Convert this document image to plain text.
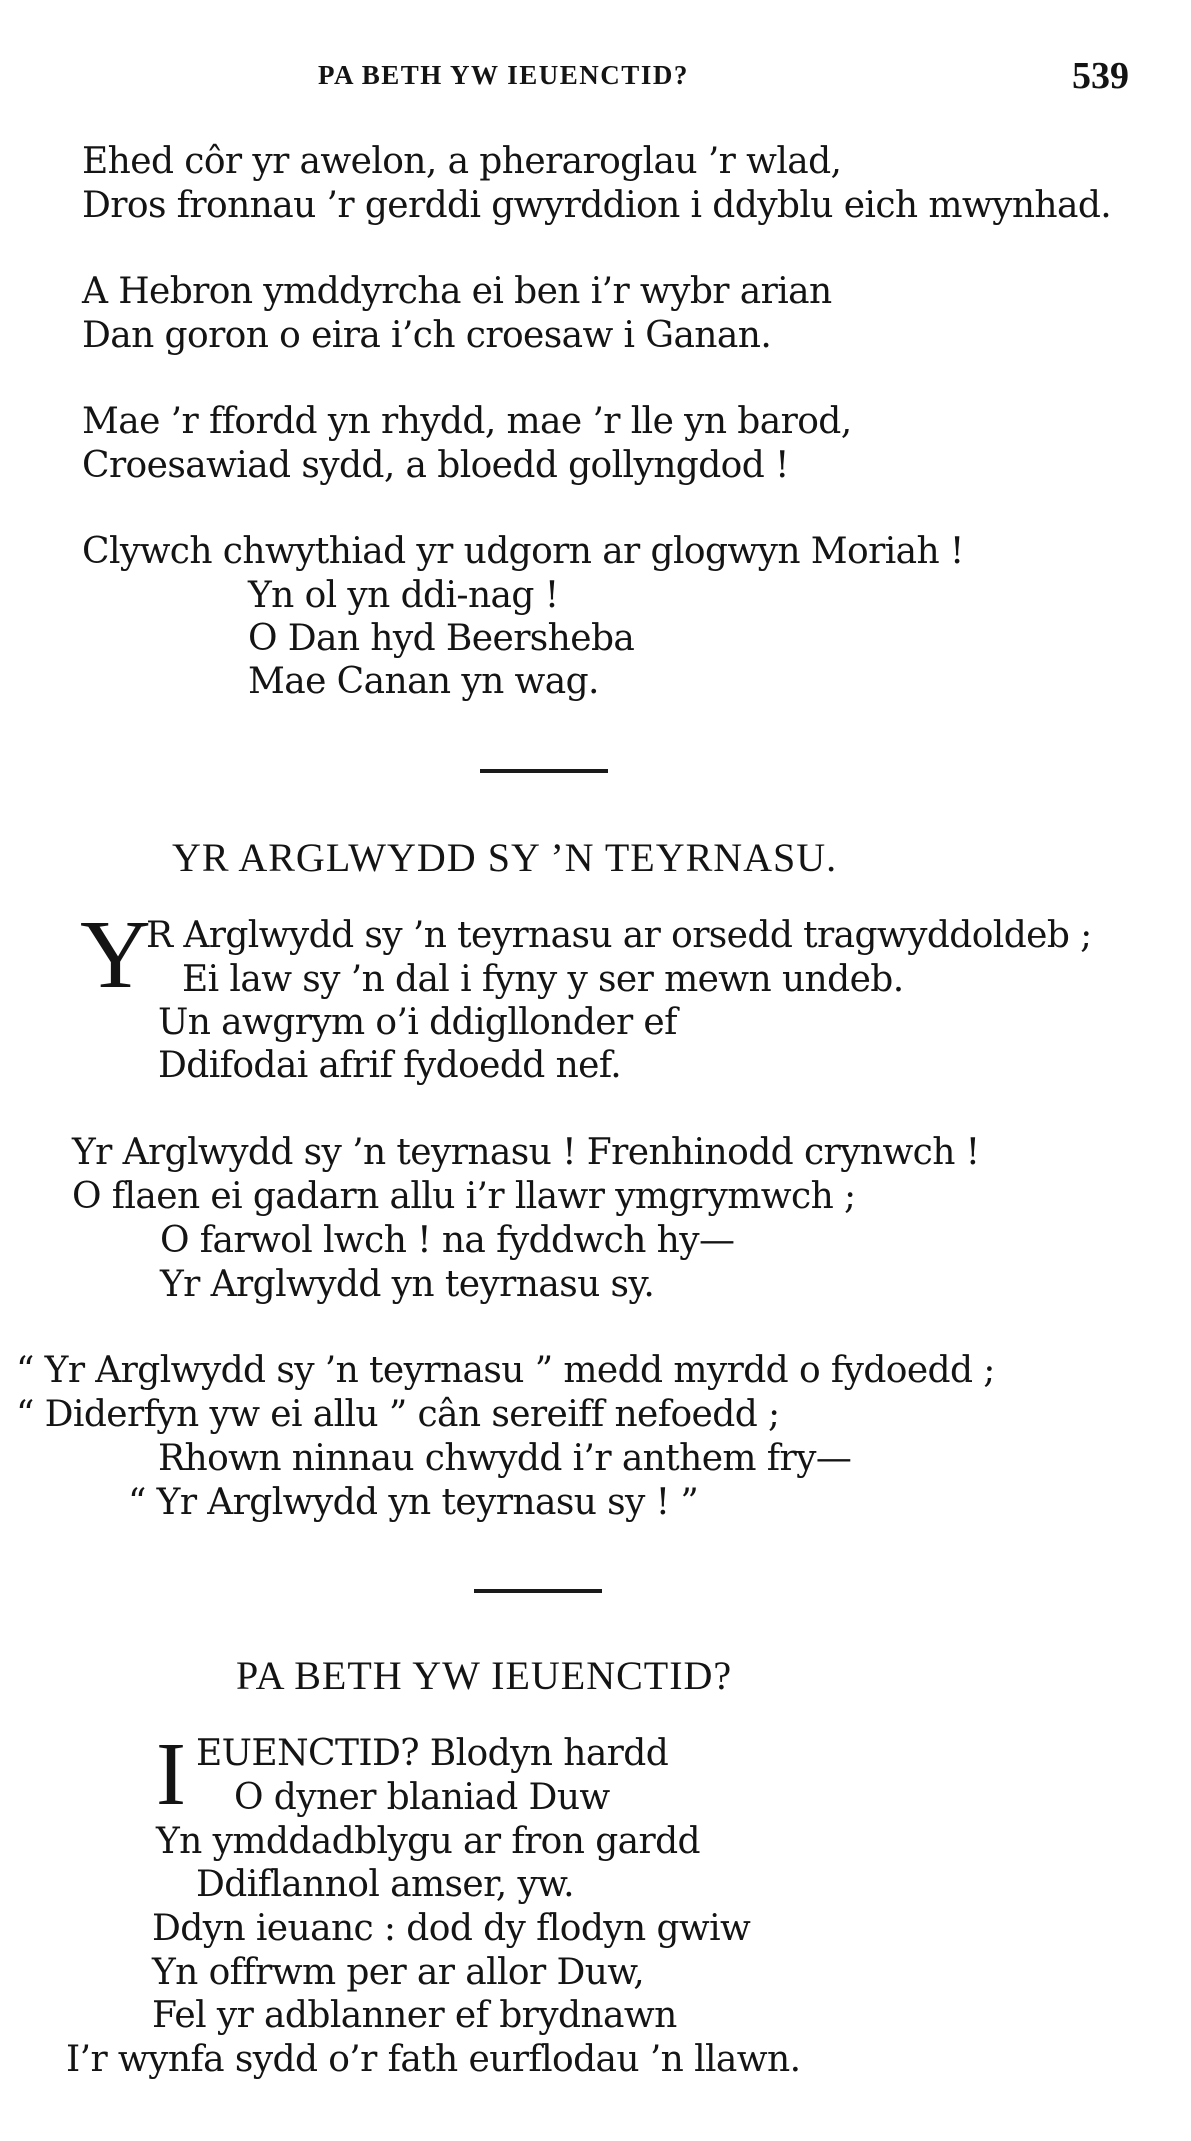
PA BETH YW IEUENCTID?	539
Ehed côr yr awelon, a pheraroglau ’r wlad,
Dros fronnau ’r gerddi gwyrddion i ddyblu eich mwynhad.
A Hebron ymddyrcha ei ben i’r wybr arian
Dan goron o eira i’ch croesaw i Ganan.
Mae ’r ffordd yn rhydd, mae ’r lle yn barod,
Croesawiad sydd, a bloedd gollyngdod !
Clywch chwythiad yr udgorn ar glogwyn Moriah !
Yn ol yn ddi-nag !
O Dan hyd Beersheba
Mae Canan yn wag.
YR ARGLWYDD SY ’N TEYRNASU.
Y
R Arglwydd sy ’n teyrnasu ar orsedd tragwyddoldeb ;
Ei law sy ’n dal i fyny y ser mewn undeb.
Un awgrym o’i ddigllonder ef
Ddifodai afrif fydoedd nef.
Yr Arglwydd sy ’n teyrnasu ! Frenhinodd crynwch !
O flaen ei gadarn allu i’r llawr ymgrymwch ;
O farwol lwch ! na fyddwch hy—
Yr Arglwydd yn teyrnasu sy.
“ Yr Arglwydd sy ’n teyrnasu ” medd myrdd o fydoedd ;
“ Diderfyn yw ei allu ” cân sereiff nefoedd ;
Rhown ninnau chwydd i’r anthem fry—
“ Yr Arglwydd yn teyrnasu sy ! ”
PA BETH YW IEUENCTID?
I EUENCTID? Blodyn hardd
O dyner blaniad Duw
Yn ymddadblygu ar fron gardd
Ddiflannol amser, yw.
Ddyn ieuanc : dod dy flodyn gwiw
Yn offrwm per ar allor Duw,
Fel yr adblanner ef brydnawn
I’r wynfa sydd o’r fath eurflodau ’n llawn.
